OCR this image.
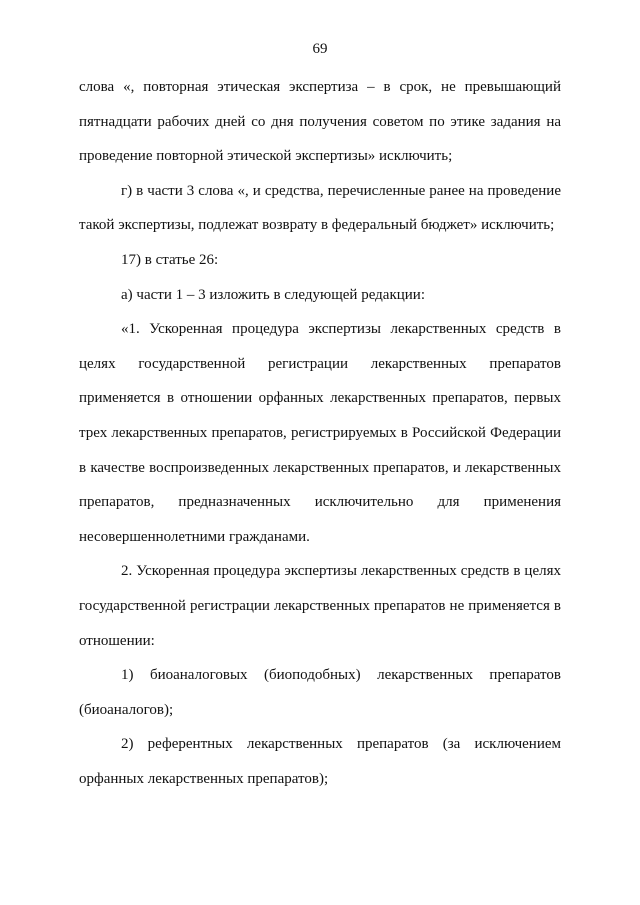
69
слова «, повторная этическая экспертиза – в срок, не превышающий
пятнадцати рабочих дней со дня получения советом по этике задания на
проведение повторной этической экспертизы» исключить;
г) в части 3 слова «, и средства, перечисленные ранее на проведение
такой экспертизы, подлежат возврату в федеральный бюджет» исключить;
17) в статье 26:
а) части 1 – 3 изложить в следующей редакции:
«1. Ускоренная процедура экспертизы лекарственных средств в
целях государственной регистрации лекарственных препаратов
применяется в отношении орфанных лекарственных препаратов, первых
трех лекарственных препаратов, регистрируемых в Российской Федерации
в качестве воспроизведенных лекарственных препаратов, и лекарственных
препаратов, предназначенных исключительно для применения
несовершеннолетними гражданами.
2. Ускоренная процедура экспертизы лекарственных средств в целях
государственной регистрации лекарственных препаратов не применяется в
отношении:
1) биоаналоговых (биоподобных) лекарственных препаратов
(биоаналогов);
2) референтных лекарственных препаратов (за исключением
орфанных лекарственных препаратов);
